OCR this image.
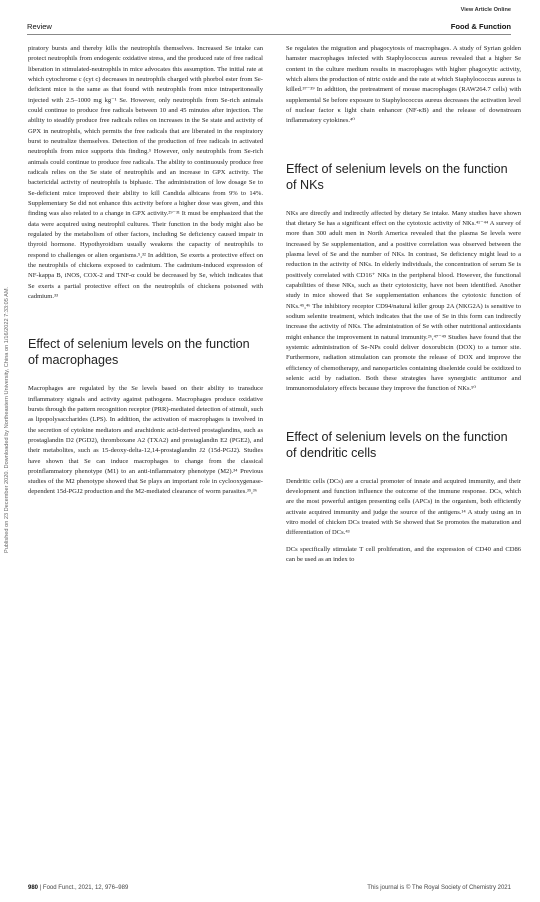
View Article Online
Review	Food & Function
Published on 23 December 2020. Downloaded by Northeastern University, China on 1/16/2022 7:33:05 AM.

piratory bursts and thereby kills the neutrophils themselves. Increased Se intake can protect neutrophils from endogenic oxidative stress, and the produced rate of free radical liberation in stimulated-neutrophils in mice advocates this assumption. The initial rate at which cytochrome c (cyt c) decreases in neutrophils charged with phorbol ester from Se-deficient mice is the same as that found with neutrophils from mice intraperitoneally injected with 2.5–1000 mg kg⁻¹ Se. However, only neutrophils from Se-rich animals could continue to produce free radicals between 10 and 45 minutes after injection. The ability to steadily produce free radicals relies on increases in the Se state and activity of GPX in neutrophils, which permits the free radicals that are liberated in the respiratory burst to neutralize themselves. Detection of the production of free radicals in activated neutrophils from mice supports this finding.⁵ However, only neutrophils from Se-rich animals could continue to produce free radicals. The ability to continuously produce free radicals relies on the Se state of neutrophils and an increase in GPX activity. The bactericidal activity of neutrophils is biphasic. The administration of low dosage Se to Se-deficient mice improved their ability to kill Candida albicans from 9% to 14%. Supplementary Se did not enhance this activity before a higher dose was given, and this finding was also related to a change in GPX activity.²⁹⁻³¹ It must be emphasized that the data were acquired using neutrophil cultures. Their function in the body might also be regulated by the metabolism of other factors, including Se deficiency caused impair in thyroid hormone. Hypothyroidism usually weakens the capacity of neutrophils to respond to challenges or alien organisms.⁵,³² In addition, Se exerts a protective effect on the neutrophils of chickens exposed to cadmium. The cadmium-induced expression of NF-kappa B, iNOS, COX-2 and TNF-α could be decreased by Se, which indicates that Se exerts a partial protective effect on the neutrophils of chickens poisoned with cadmium.³³

Effect of selenium levels on the function of macrophages

Macrophages are regulated by the Se levels based on their ability to transduce inflammatory signals and activity against pathogens. Macrophages produce oxidative bursts through the pattern recognition receptor (PRR)-mediated detection of stimuli, such as lipopolysaccharides (LPS). In addition, the activation of macrophages is involved in the secretion of cytokine mediators and arachidonic acid-derived prostaglandins, such as prostaglandin D2 (PGD2), thromboxane A2 (TXA2) and prostaglandin E2 (PGE2), and their metabolites, such as 15-deoxy-delta-12,14-prostaglandin J2 (15d-PGJ2). Studies have shown that Se can induce macrophages to change from the classical proinflammatory phenotype (M1) to an anti-inflammatory phenotype (M2).³⁴ Previous studies of the M2 phenotype showed that Se plays an important role in cyclooxygenase-dependent 15d-PGJ2 production and the M2-mediated clearance of worm parasites.³⁵,³⁶

Se regulates the migration and phagocytosis of macrophages. A study of Syrian golden hamster macrophages infected with Staphylococcus aureus revealed that a higher Se content in the culture medium results in macrophages with higher phagocytic activity, which alters the production of nitric oxide and the rate at which Staphylococcus aureus is killed.³⁷⁻³⁹ In addition, the pretreatment of mouse macrophages (RAW264.7 cells) with supplemental Se before exposure to Staphylococcus aureus decreases the activation level of nuclear factor κ light chain enhancer (NF-κB) and the release of downstream inflammatory cytokines.⁴⁰

Effect of selenium levels on the function of NKs

NKs are directly and indirectly affected by dietary Se intake. Many studies have shown that dietary Se has a significant effect on the cytotoxic activity of NKs.⁴¹⁻⁴⁴ A survey of more than 300 adult men in North America revealed that the plasma Se levels were increased by Se supplementation, and a positive correlation was observed between the plasma level of Se and the number of NKs. In contrast, Se deficiency might lead to a reduction in the activity of NKs. In elderly individuals, the concentration of serum Se is positively correlated with CD16⁺ NKs in the peripheral blood. However, the functional capabilities of these NKs, such as their cytotoxicity, have not been identified. Another study in mice showed that Se supplementation enhances the cytotoxic function of NKs.⁴⁵,⁴⁶ The inhibitory receptor CD94/natural killer group 2A (NKG2A) is sensitive to sodium selenite treatment, which indicates that the use of Se in this form can indirectly increase the activity of NKs. The administration of Se with other nutritional antioxidants might enhance the improvement in natural immunity.²⁶,⁴⁷⁻⁴⁹ Studies have found that the systemic administration of Se-NPs could deliver doxorubicin (DOX) to a tumor site. Furthermore, radiation stimulation can promote the release of DOX and improve the efficiency of chemotherapy, and nanoparticles containing diselenide could be oxidized to selenic acid by radiation. Both these strategies have synergistic antitumor and immunomodulatory effects because they improve the function of NKs.⁵⁰

Effect of selenium levels on the function of dendritic cells

Dendritic cells (DCs) are a crucial promoter of innate and acquired immunity, and their development and function influence the outcome of the immune response. DCs, which are the most powerful antigen presenting cells (APCs) in the organism, both efficiently activate acquired immunity and judge the source of the antigens.¹⁴ A study using an in vitro model of chicken DCs treated with Se showed that Se promotes the maturation and differentiation of DCs.⁴³

DCs specifically stimulate T cell proliferation, and the expression of CD40 and CD86 can be used as an index to

980 | Food Funct., 2021, 12, 976–989	This journal is © The Royal Society of Chemistry 2021
